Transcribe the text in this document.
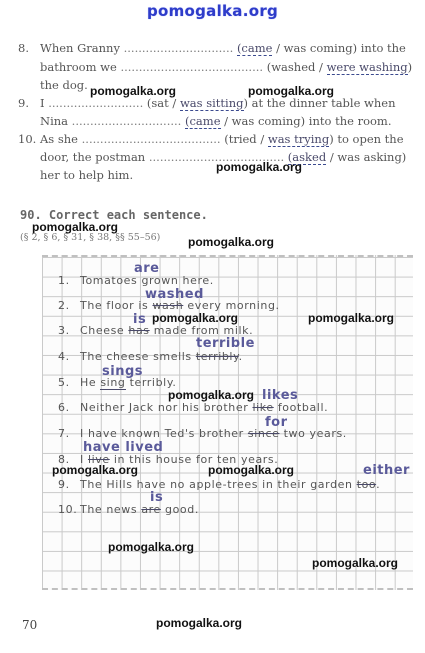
pomogalka.org
8. When Granny .............................. (came / was coming) into the
bathroom we ....................................... (washed / were washing)
the dog.
9. I .......................... (sat / was sitting) at the dinner table when
Nina .............................. (came / was coming) into the room.
10. As she ...................................... (tried / was trying) to open the
door, the postman ..................................... (asked / was asking)
her to help him.
90. Correct each sentence.
(§ 2, § 6, § 31, § 38, §§ 55–56)
1. Tomatoes grown here.
2. The floor is wash every morning.
3. Cheese has made from milk.
4. The cheese smells terribly.
5. He sing terribly.
6. Neither Jack nor his brother like football.
7. I have known Ted's brother since two years.
8. I live in this house for ten years.
9. The Hills have no apple-trees in their garden too.
10. The news are good.
are
washed
is
terrible
sings
likes
for
have lived
either
is
pomogalka.org	pomogalka.org
pomogalka.org
pomogalka.org
pomogalka.org
pomogalka.org	pomogalka.org
pomogalka.org
pomogalka.org	pomogalka.org
pomogalka.org
pomogalka.org
pomogalka.org
70
